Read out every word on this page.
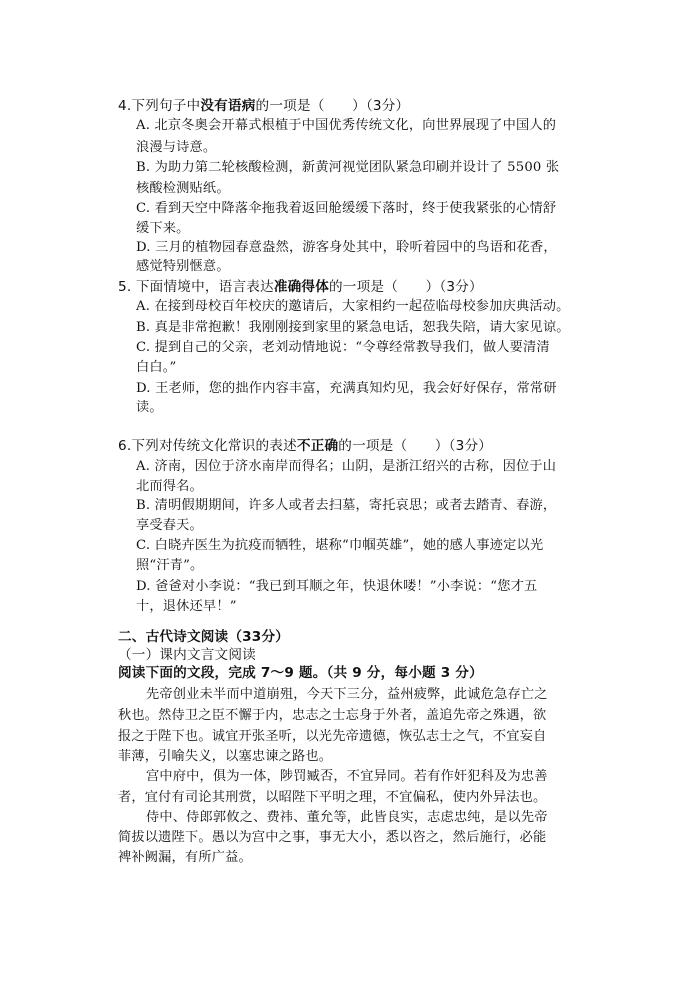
4.下列句子中没有语病的一项是（　　）（3分）
A. 北京冬奥会开幕式根植于中国优秀传统文化，向世界展现了中国人的
浪漫与诗意。
B. 为助力第二轮核酸检测，新黄河视觉团队紧急印刷并设计了 5500 张
核酸检测贴纸。
C. 看到天空中降落伞拖我着返回舱缓缓下落时，终于使我紧张的心情舒
缓下来。
D. 三月的植物园春意盎然，游客身处其中，聆听着园中的鸟语和花香，
感觉特别惬意。
5. 下面情境中，语言表达准确得体的一项是（　　）（3分）
A. 在接到母校百年校庆的邀请后，大家相约一起莅临母校参加庆典活动。
B. 真是非常抱歉！我刚刚接到家里的紧急电话，恕我失陪，请大家见谅。
C. 提到自己的父亲，老刘动情地说：“令尊经常教导我们，做人要清清
白白。”
D. 王老师，您的拙作内容丰富，充满真知灼见，我会好好保存，常常研
读。
6.下列对传统文化常识的表述不正确的一项是（　　）（3分）
A. 济南，因位于济水南岸而得名；山阴，是浙江绍兴的古称，因位于山
北而得名。
B. 清明假期期间，许多人或者去扫墓，寄托哀思；或者去踏青、春游，
享受春天。
C. 白晓卉医生为抗疫而牺牲，堪称“巾帼英雄”，她的感人事迹定以光
照“汗青”。
D. 爸爸对小李说：“我已到耳顺之年，快退休喽！”小李说：“您才五
十，退休还早！”
二、古代诗文阅读（33分）
（一）课内文言文阅读
阅读下面的文段，完成 7～9 题。（共 9 分，每小题 3 分）
先帝创业未半而中道崩殂，今天下三分，益州疲弊，此诚危急存亡之
秋也。然侍卫之臣不懈于内，忠志之士忘身于外者，盖追先帝之殊遇，欲
报之于陛下也。诚宜开张圣听，以光先帝遗德，恢弘志士之气，不宜妄自
菲薄，引喻失义，以塞忠谏之路也。
宫中府中，俱为一体，陟罚臧否，不宜异同。若有作奸犯科及为忠善
者，宜付有司论其刑赏，以昭陛下平明之理，不宜偏私，使内外异法也。
侍中、侍郎郭攸之、费祎、董允等，此皆良实，志虑忠纯，是以先帝
简拔以遗陛下。愚以为宫中之事，事无大小，悉以咨之，然后施行，必能
裨补阙漏，有所广益。
